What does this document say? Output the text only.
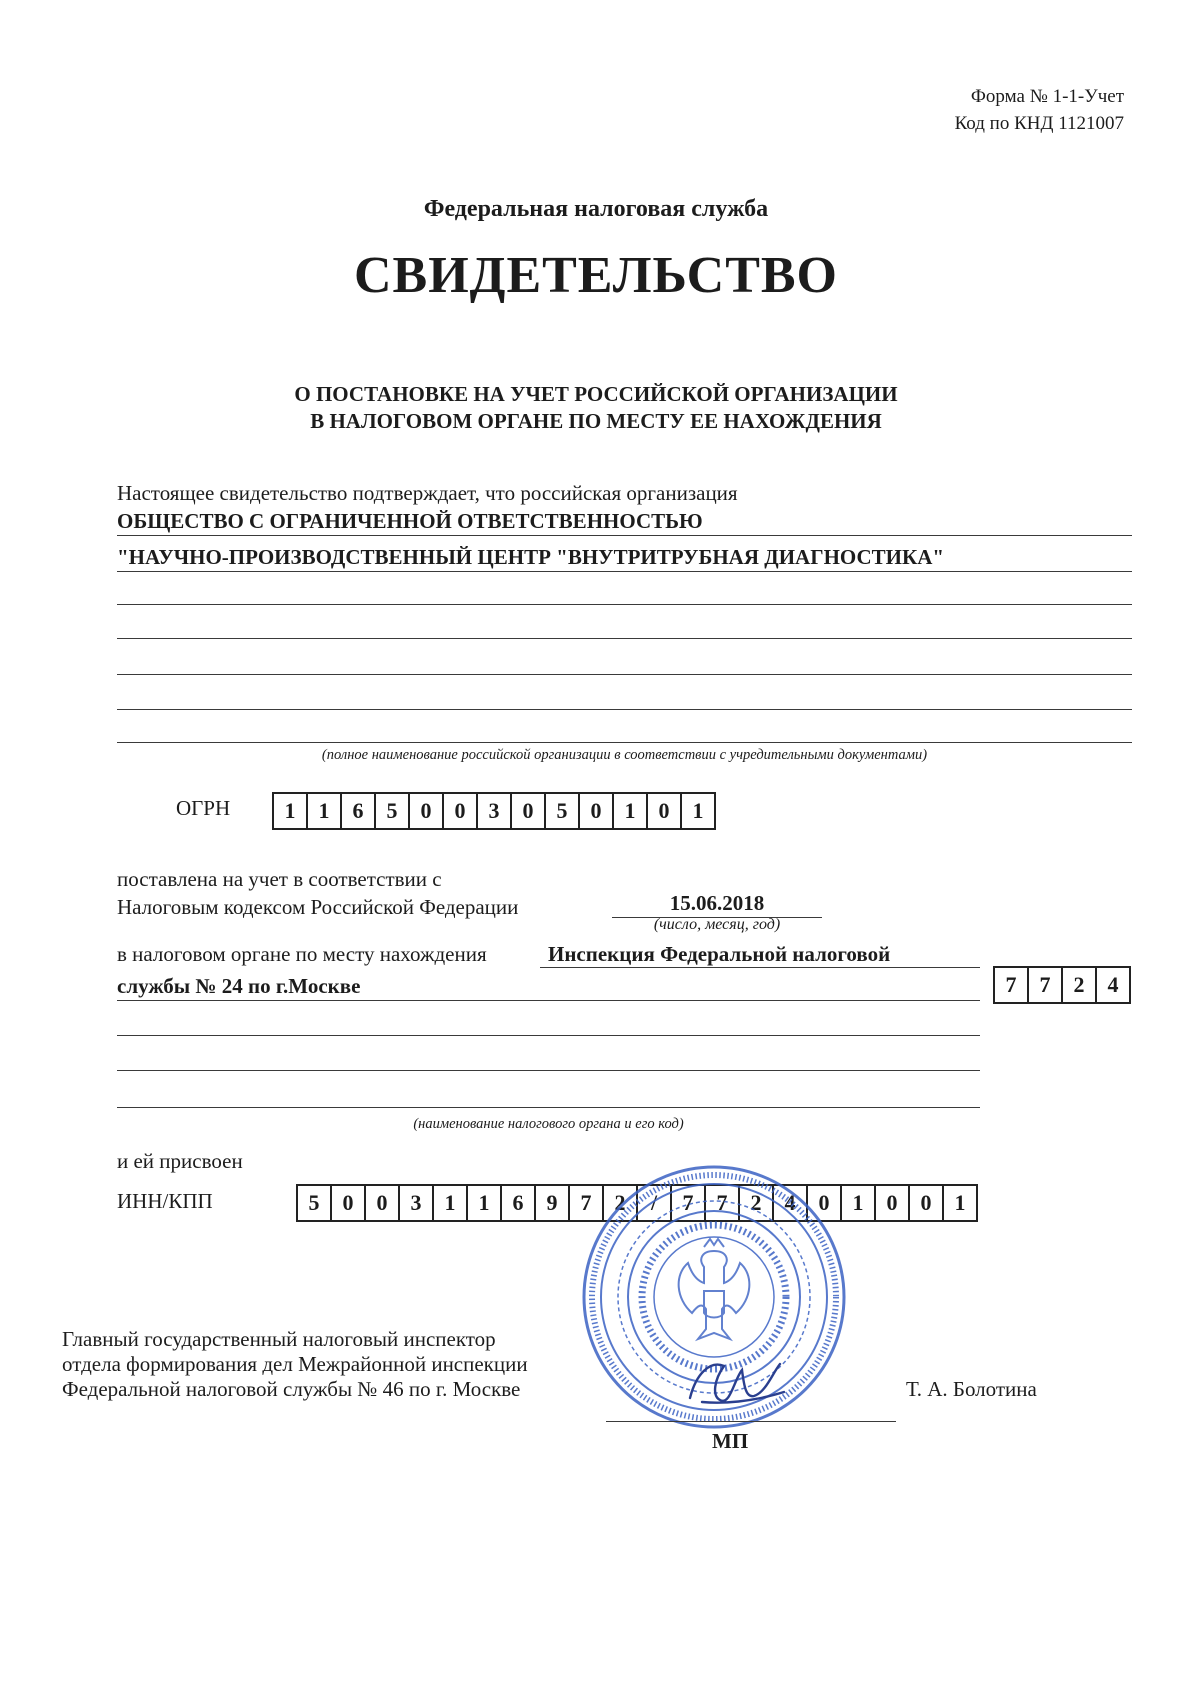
Форма № 1-1-Учет
Код по КНД 1121007
Федеральная налоговая служба
СВИДЕТЕЛЬСТВО
О ПОСТАНОВКЕ НА УЧЕТ РОССИЙСКОЙ ОРГАНИЗАЦИИ
В НАЛОГОВОМ ОРГАНЕ ПО МЕСТУ ЕЕ НАХОЖДЕНИЯ
Настоящее свидетельство подтверждает, что российская организация
ОБЩЕСТВО С ОГРАНИЧЕННОЙ ОТВЕТСТВЕННОСТЬЮ
"НАУЧНО-ПРОИЗВОДСТВЕННЫЙ ЦЕНТР "ВНУТРИТРУБНАЯ ДИАГНОСТИКА"
(полное наименование российской организации в соответствии с учредительными документами)
ОГРН	1	1	6	5	0	0	3	0	5	0	1	0	1
поставлена на учет в соответствии с
Налоговым кодексом Российской Федерации	15.06.2018
(число, месяц, год)
в налоговом органе по месту нахождения	Инспекция Федеральной налоговой
службы № 24 по г.Москве	7	7	2	4
(наименование налогового органа и его код)
и ей присвоен
ИНН/КПП	5	0	0	3	1	1	6	9	7	2	/	7	7	2	4	0	1	0	0	1
Главный государственный налоговый инспектор
отдела формирования дел Межрайонной инспекции
Федеральной налоговой службы № 46 по г. Москве	Т. А. Болотина
МП
